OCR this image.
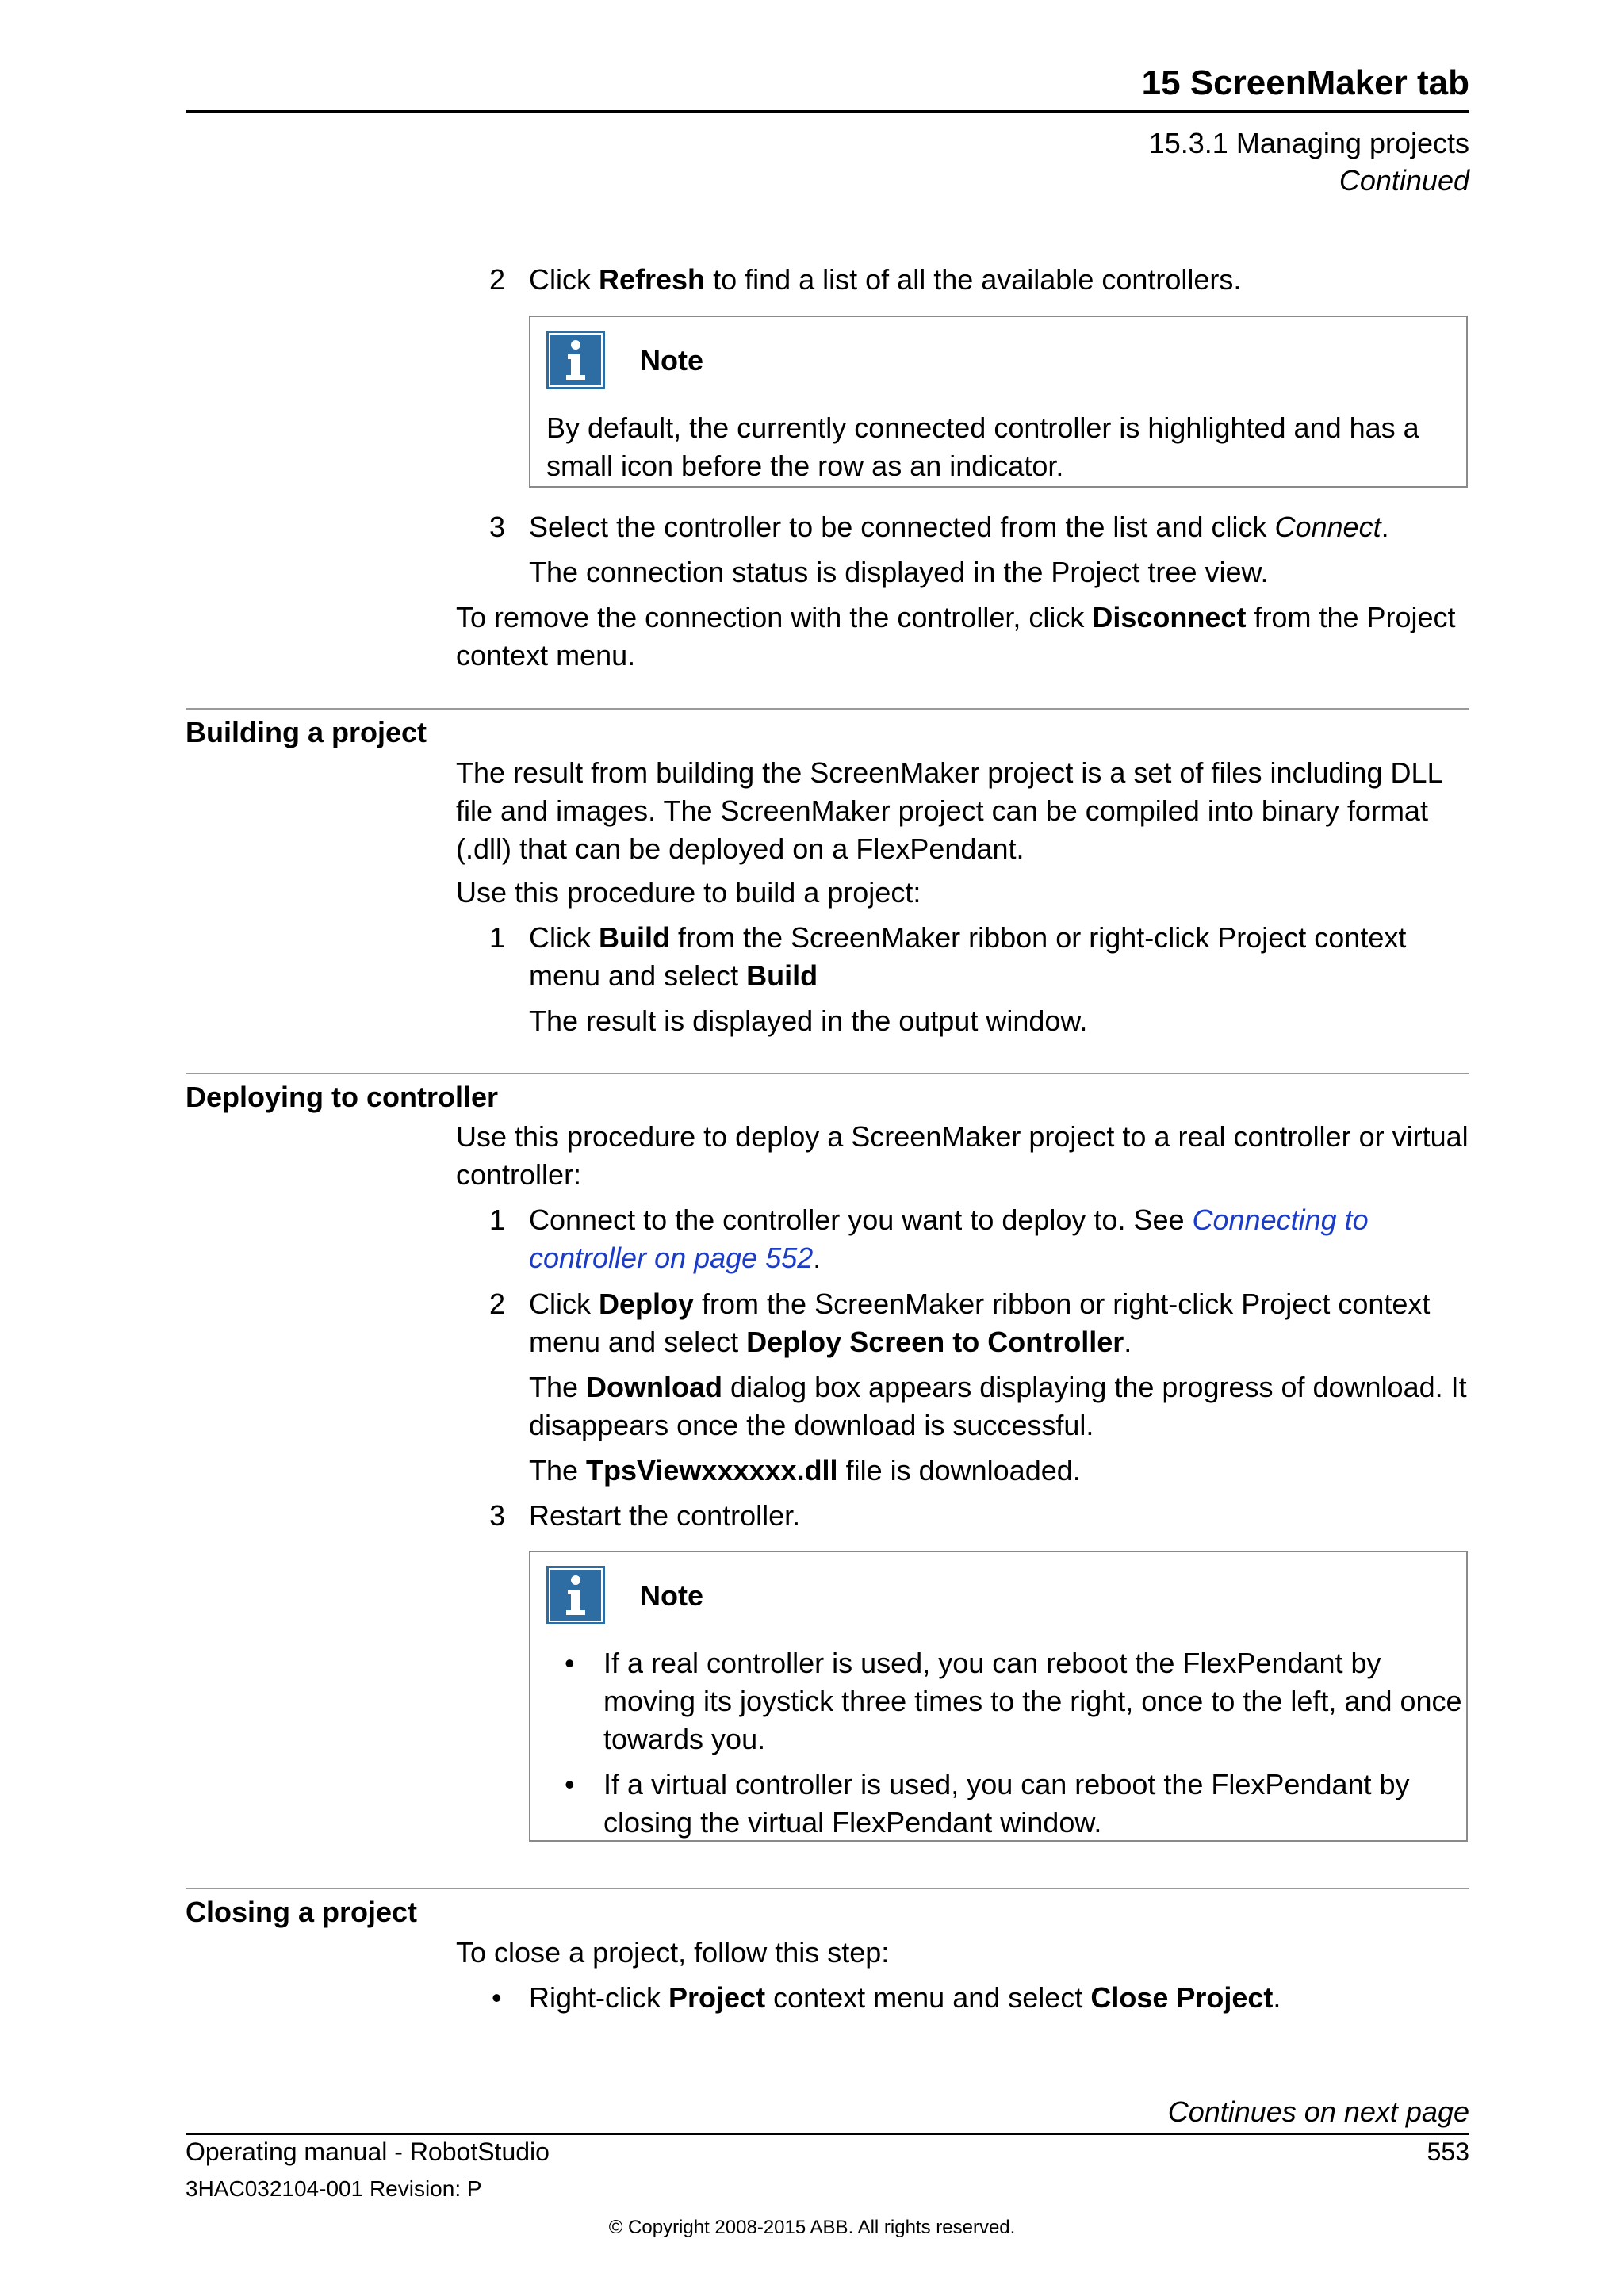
15 ScreenMaker tab
15.3.1 Managing projects
Continued
2 Click Refresh to find a list of all the available controllers.

Note

By default, the currently connected controller is highlighted and has a small icon before the row as an indicator.

3 Select the controller to be connected from the list and click Connect.

The connection status is displayed in the Project tree view.

To remove the connection with the controller, click Disconnect from the Project context menu.

Building a project

The result from building the ScreenMaker project is a set of files including DLL file and images. The ScreenMaker project can be compiled into binary format (.dll) that can be deployed on a FlexPendant.

Use this procedure to build a project:

1 Click Build from the ScreenMaker ribbon or right-click Project context menu and select Build

The result is displayed in the output window.

Deploying to controller

Use this procedure to deploy a ScreenMaker project to a real controller or virtual controller:

1 Connect to the controller you want to deploy to. See Connecting to controller on page 552.

2 Click Deploy from the ScreenMaker ribbon or right-click Project context menu and select Deploy Screen to Controller.

The Download dialog box appears displaying the progress of download. It disappears once the download is successful.

The TpsViewxxxxxx.dll file is downloaded.

3 Restart the controller.

Note
• If a real controller is used, you can reboot the FlexPendant by moving its joystick three times to the right, once to the left, and once towards you.

• If a virtual controller is used, you can reboot the FlexPendant by closing the virtual FlexPendant window.

Closing a project

To close a project, follow this step:

• Right-click Project context menu and select Close Project.

Continues on next page
Operating manual - RobotStudio	553
3HAC032104-001 Revision: P
© Copyright 2008-2015 ABB. All rights reserved.
